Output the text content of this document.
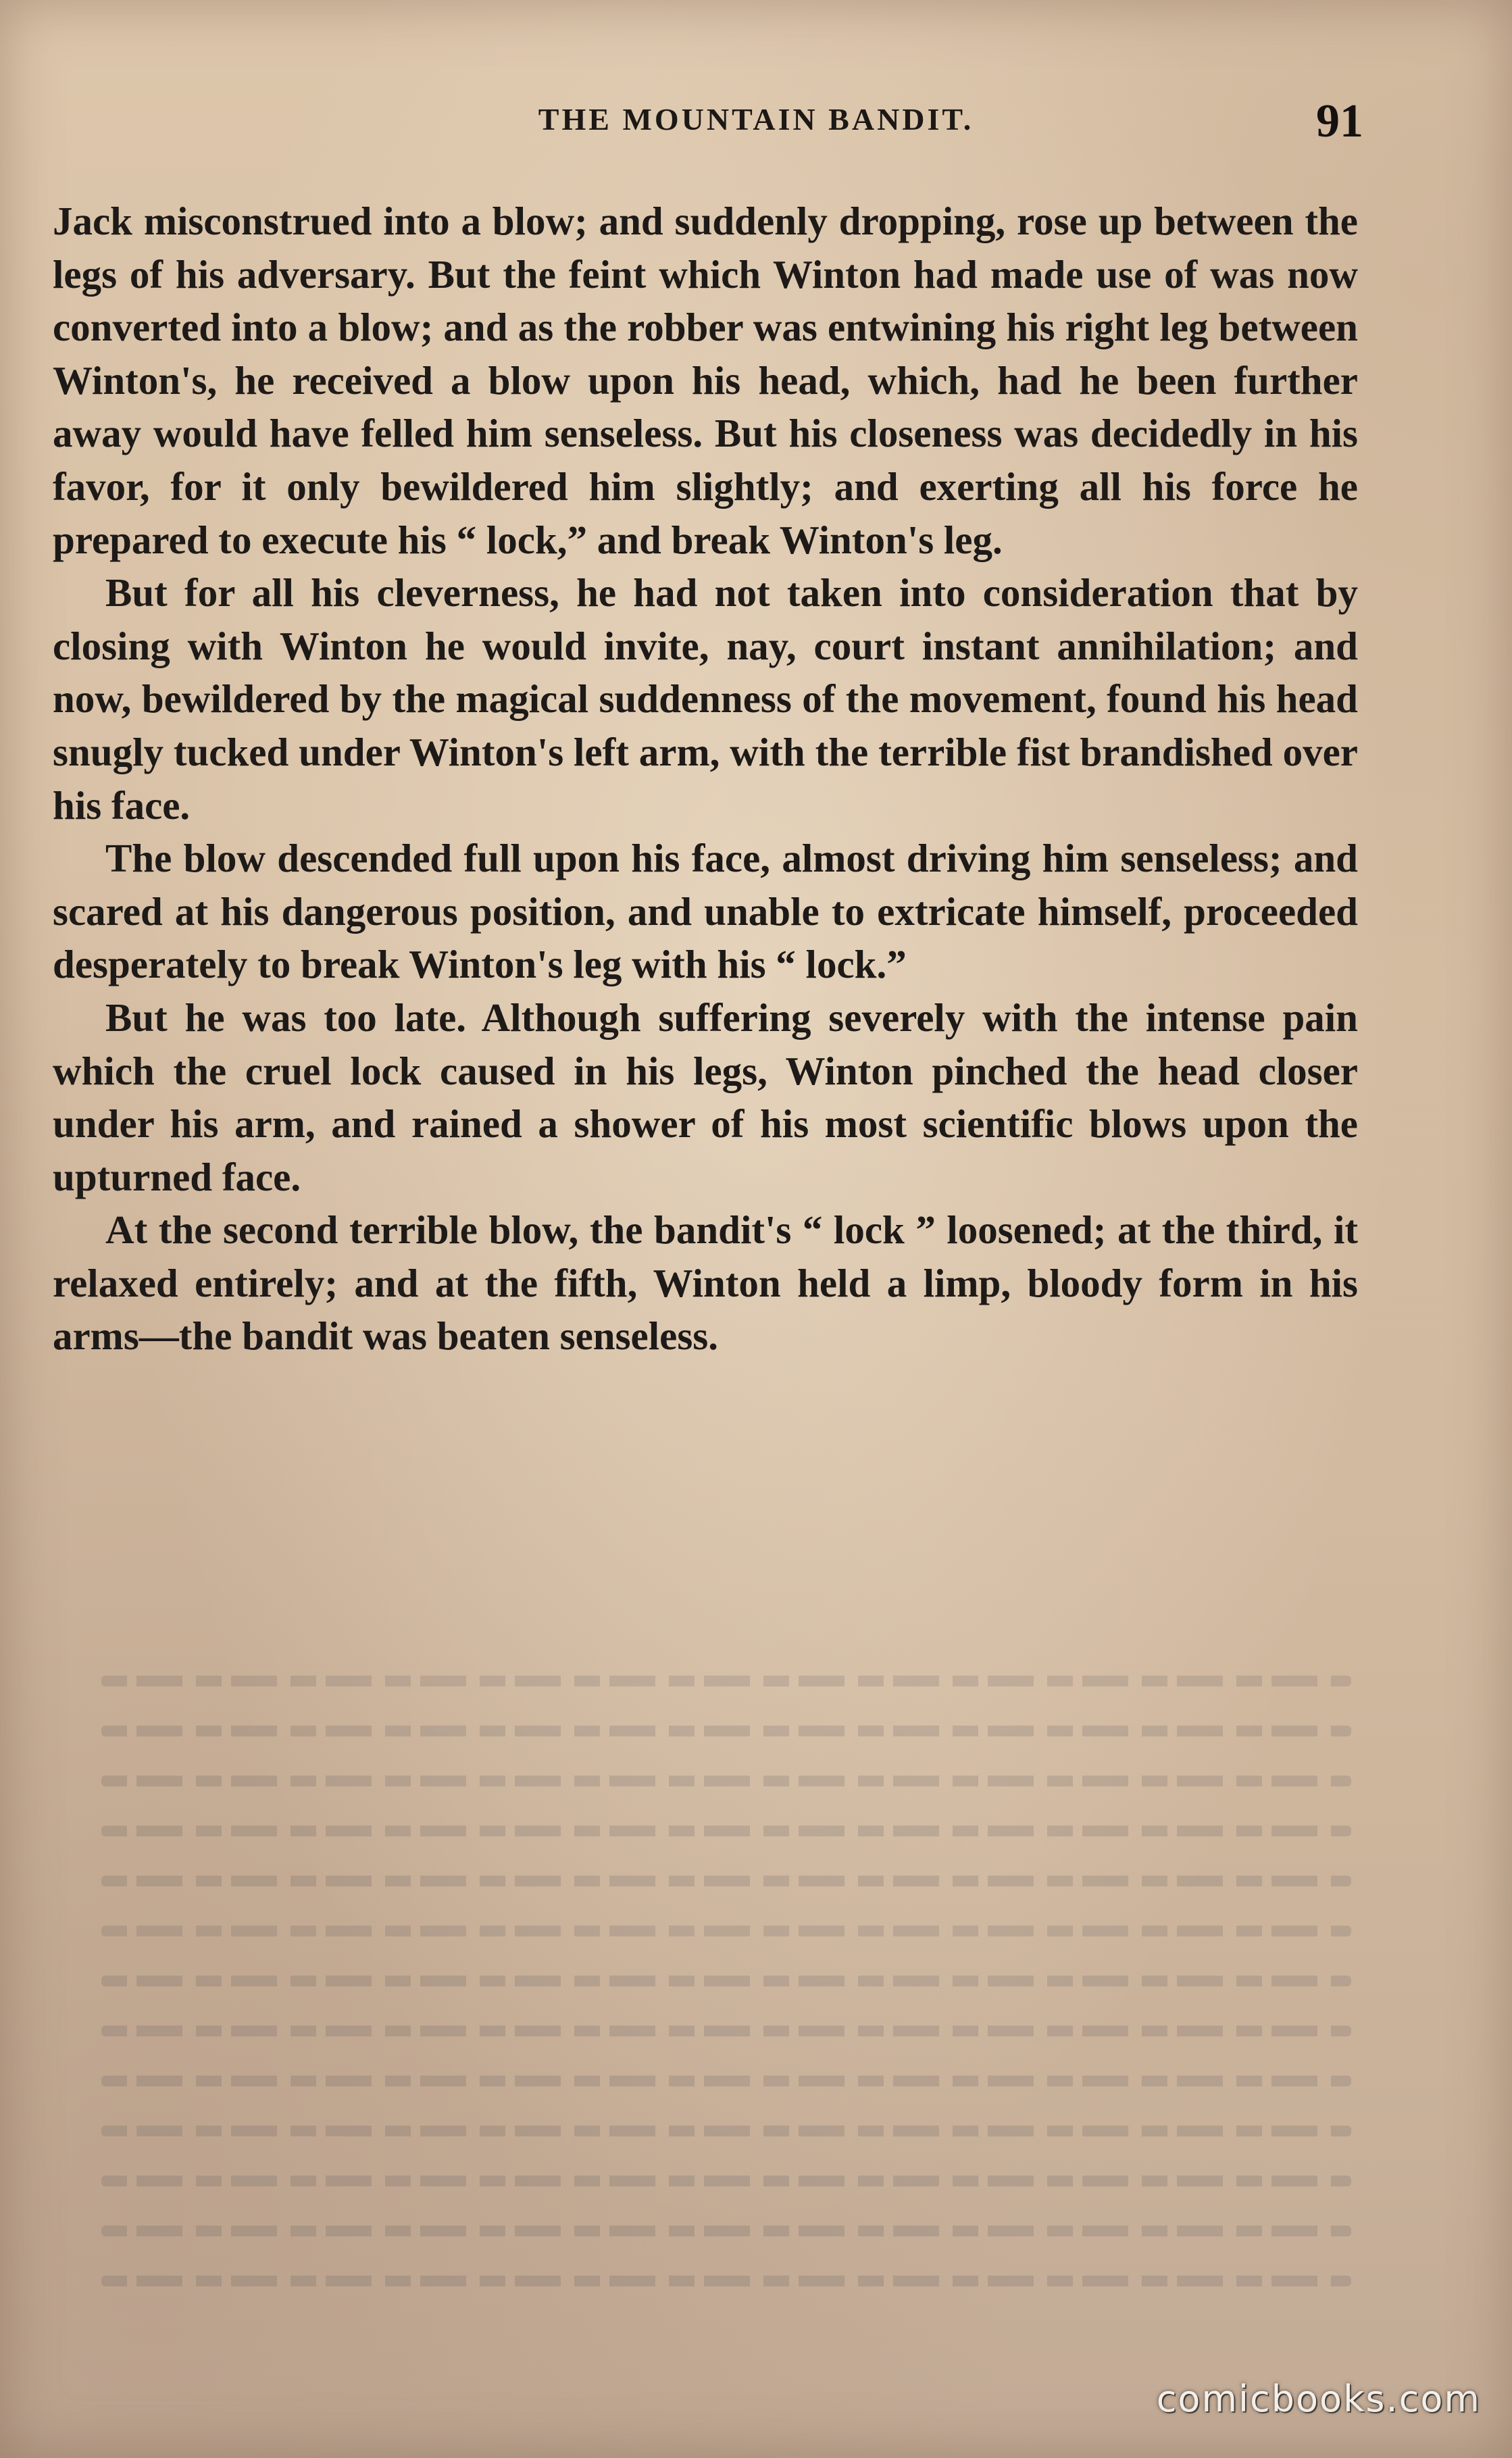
THE MOUNTAIN BANDIT.	91

Jack misconstrued into a blow; and suddenly dropping, rose up between the legs of his adversary. But the feint which Winton had made use of was now converted into a blow; and as the robber was entwining his right leg between Winton's, he received a blow upon his head, which, had he been further away would have felled him senseless. But his closeness was decidedly in his favor, for it only bewildered him slightly; and exerting all his force he prepared to execute his “ lock,” and break Winton's leg.

But for all his cleverness, he had not taken into consideration that by closing with Winton he would invite, nay, court instant annihilation; and now, bewildered by the magical suddenness of the movement, found his head snugly tucked under Winton's left arm, with the terrible fist brandished over his face.

The blow descended full upon his face, almost driving him senseless; and scared at his dangerous position, and unable to extricate himself, proceeded desperately to break Winton's leg with his “ lock.”

But he was too late. Although suffering severely with the intense pain which the cruel lock caused in his legs, Winton pinched the head closer under his arm, and rained a shower of his most scientific blows upon the upturned face.

At the second terrible blow, the bandit's “ lock ” loosened; at the third, it relaxed entirely; and at the fifth, Winton held a limp, bloody form in his arms—the bandit was beaten senseless.

comicbooks.com
